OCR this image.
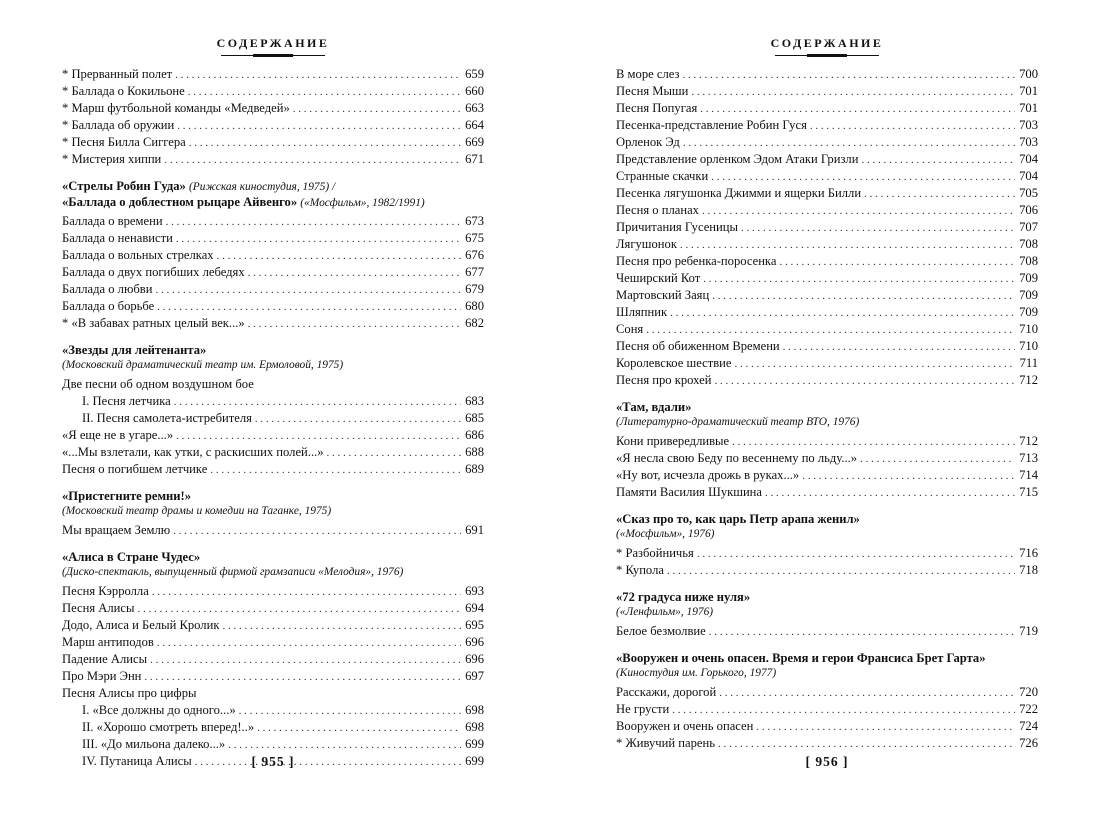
СОДЕРЖАНИЕ
* Прерванный полет . . .	659
* Баллада о Кокильоне . . .	660
* Марш футбольной команды «Медведей» . . .	663
* Баллада об оружии . . .	664
* Песня Билла Сиггера . . .	669
* Мистерия хиппи . . .	671
«Стрелы Робин Гуда» (Рижская киностудия, 1975) /
«Баллада о доблестном рыцаре Айвенго» («Мосфильм», 1982/1991)
Баллада о времени . . .	673
Баллада о ненависти . . .	675
Баллада о вольных стрелках . . .	676
Баллада о двух погибших лебедях . . .	677
Баллада о любви . . .	679
Баллада о борьбе . . .	680
* «В забавах ратных целый век...» . . .	682
«Звезды для лейтенанта»
(Московский драматический театр им. Ермоловой, 1975)
Две песни об одном воздушном бое
I. Песня летчика . . .	683
II. Песня самолета-истребителя . . .	685
«Я еще не в угаре...» . . .	686
«...Мы взлетали, как утки, с раскисших полей...» . . .	688
Песня о погибшем летчике . . .	689
«Пристегните ремни!»
(Московский театр драмы и комедии на Таганке, 1975)
Мы вращаем Землю . . .	691
«Алиса в Стране Чудес»
(Диско-спектакль, выпущенный фирмой грамзаписи «Мелодия», 1976)
Песня Кэрролла . . .	693
Песня Алисы . . .	694
Додо, Алиса и Белый Кролик . . .	695
Марш антиподов . . .	696
Падение Алисы . . .	696
Про Мэри Энн . . .	697
Песня Алисы про цифры
I. «Все должны до одного...» . . .	698
II. «Хорошо смотреть вперед!..» . . .	698
III. «До мильона далеко...» . . .	699
IV. Путаница Алисы . . .	699
[ 955 ]
СОДЕРЖАНИЕ
В море слез . . .	700
Песня Мыши . . .	701
Песня Попугая . . .	701
Песенка-представление Робин Гуся . . .	703
Орленок Эд . . .	703
Представление орленком Эдом Атаки Гризли . . .	704
Странные скачки . . .	704
Песенка лягушонка Джимми и ящерки Билли . . .	705
Песня о планах . . .	706
Причитания Гусеницы . . .	707
Лягушонок . . .	708
Песня про ребенка-поросенка . . .	708
Чеширский Кот . . .	709
Мартовский Заяц . . .	709
Шляпник . . .	709
Соня . . .	710
Песня об обиженном Времени . . .	710
Королевское шествие . . .	711
Песня про крохей . . .	712
«Там, вдали»
(Литературно-драматический театр ВТО, 1976)
Кони привередливые . . .	712
«Я несла свою Беду по весеннему по льду...» . . .	713
«Ну вот, исчезла дрожь в руках...» . . .	714
Памяти Василия Шукшина . . .	715
«Сказ про то, как царь Петр арапа женил»
(«Мосфильм», 1976)
* Разбойничья . . .	716
* Купола . . .	718
«72 градуса ниже нуля»
(«Ленфильм», 1976)
Белое безмолвие . . .	719
«Вооружен и очень опасен. Время и герои Франсиса Брет Гарта»
(Киностудия им. Горького, 1977)
Расскажи, дорогой . . .	720
Не грусти . . .	722
Вооружен и очень опасен . . .	724
* Живучий парень . . .	726
[ 956 ]
